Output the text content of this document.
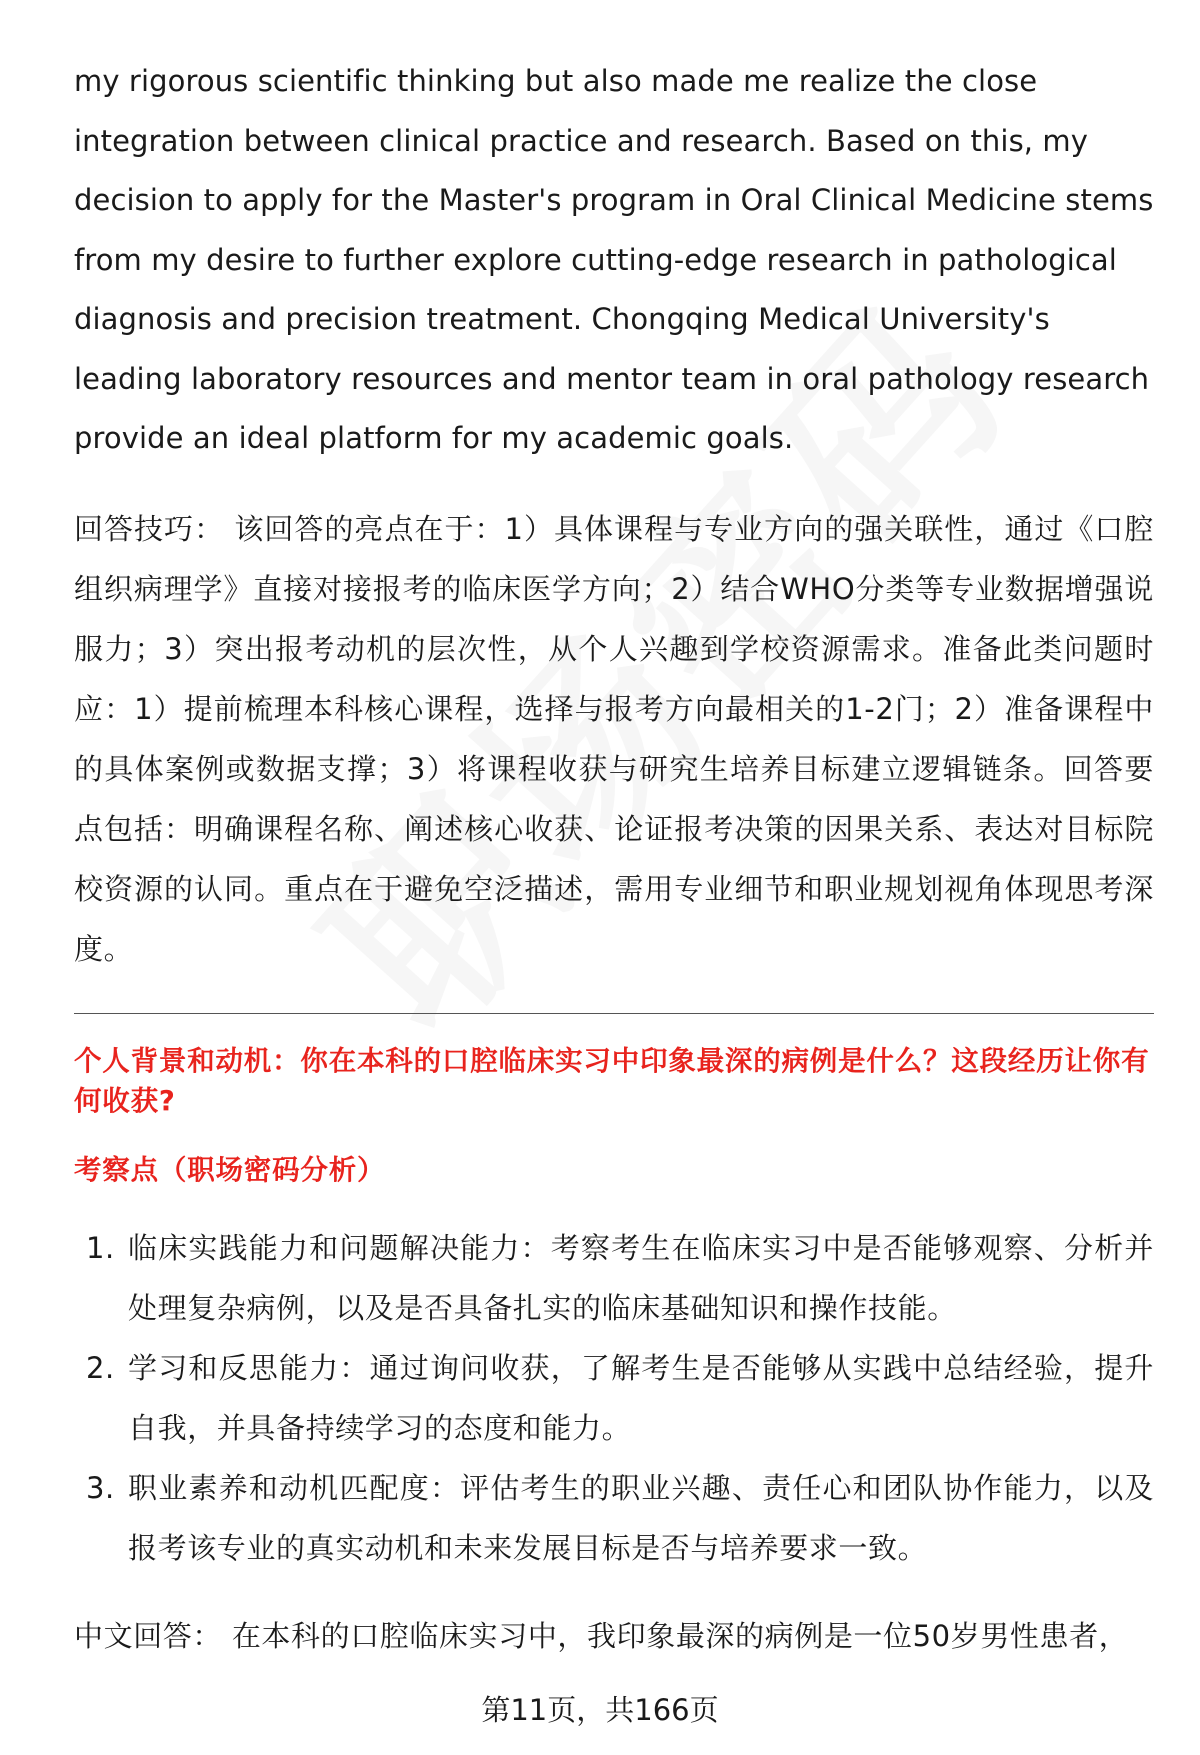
my rigorous scientific thinking but also made me realize the close integration between clinical practice and research. Based on this, my decision to apply for the Master's program in Oral Clinical Medicine stems from my desire to further explore cutting-edge research in pathological diagnosis and precision treatment. Chongqing Medical University's leading laboratory resources and mentor team in oral pathology research provide an ideal platform for my academic goals.

回答技巧： 该回答的亮点在于：1）具体课程与专业方向的强关联性，通过《口腔组织病理学》直接对接报考的临床医学方向；2）结合WHO分类等专业数据增强说服力；3）突出报考动机的层次性，从个人兴趣到学校资源需求。准备此类问题时应：1）提前梳理本科核心课程，选择与报考方向最相关的1-2门；2）准备课程中的具体案例或数据支撑；3）将课程收获与研究生培养目标建立逻辑链条。回答要点包括：明确课程名称、阐述核心收获、论证报考决策的因果关系、表达对目标院校资源的认同。重点在于避免空泛描述，需用专业细节和职业规划视角体现思考深度。

个人背景和动机：你在本科的口腔临床实习中印象最深的病例是什么？这段经历让你有何收获?
考察点（职场密码分析）
1. 临床实践能力和问题解决能力：考察考生在临床实习中是否能够观察、分析并处理复杂病例，以及是否具备扎实的临床基础知识和操作技能。
2. 学习和反思能力：通过询问收获，了解考生是否能够从实践中总结经验，提升自我，并具备持续学习的态度和能力。
3. 职业素养和动机匹配度：评估考生的职业兴趣、责任心和团队协作能力，以及报考该专业的真实动机和未来发展目标是否与培养要求一致。

中文回答： 在本科的口腔临床实习中，我印象最深的病例是一位50岁男性患者，

第11页，共166页
